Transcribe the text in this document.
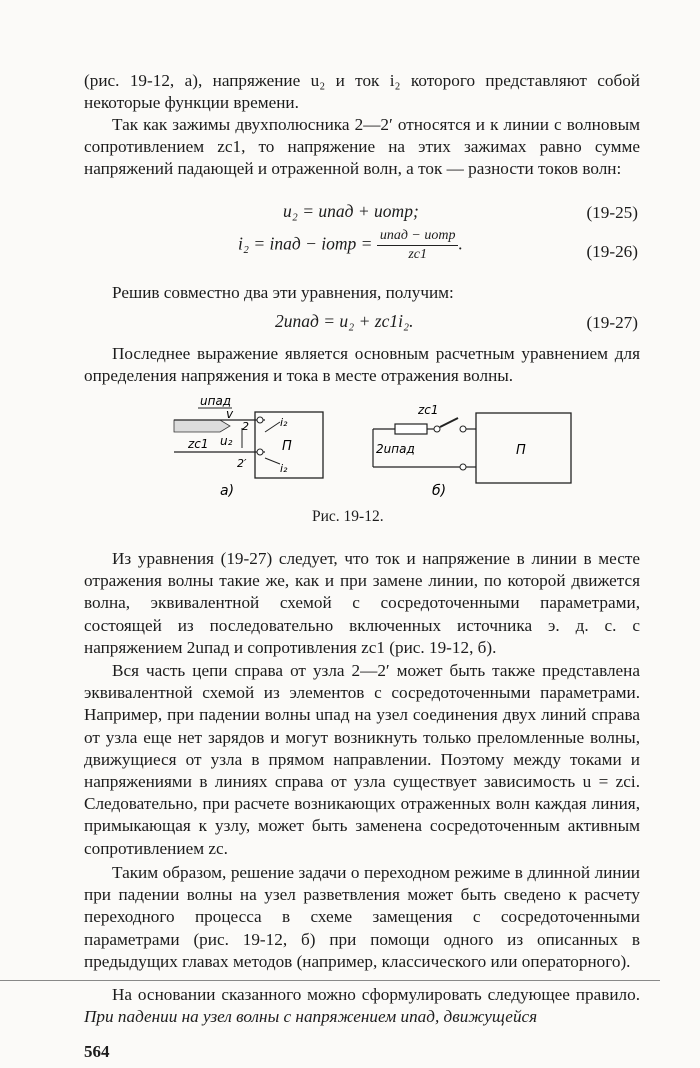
(рис. 19-12, a), напряжение u₂ и ток i₂ которого представляют собой некоторые функции времени.

Так как зажимы двухполюсника 2—2′ относятся и к линии с волновым сопротивлением zc1, то напряжение на этих зажимах равно сумме напряжений падающей и отраженной волн, а ток — разности токов волн:

u₂ = uпад + uотр;	(19-25)
i₂ = iпад − iотр = $\frac{\text{uпад − uотр}}{zc1}$ .	(19-26)

Решив совместно два эти уравнения, получим:

2uпад = u₂ + zc1i₂.	(19-27)

Последнее выражение является основным расчетным уравнением для определения напряжения и тока в месте отражения волны.

uпад
v
zc1
2
2′
u₂	П
i₂
i₂
a)
zc1
2uпад
б)
П
Рис. 19-12.

Из уравнения (19-27) следует, что ток и напряжение в линии в месте отражения волны такие же, как и при замене линии, по которой движется волна, эквивалентной схемой с сосредоточенными параметрами, состоящей из последовательно включенных источника э. д. с. с напряжением 2uпад и сопротивления zc1 (рис. 19-12, б).

Вся часть цепи справа от узла 2—2′ может быть также представлена эквивалентной схемой из элементов с сосредоточенными параметрами. Например, при падении волны uпад на узел соединения двух линий справа от узла еще нет зарядов и могут возникнуть только преломленные волны, движущиеся от узла в прямом направлении. Поэтому между токами и напряжениями в линиях справа от узла существует зависимость u = zci. Следовательно, при расчете возникающих отраженных волн каждая линия, примыкающая к узлу, может быть заменена сосредоточенным активным сопротивлением zc.

Таким образом, решение задачи о переходном режиме в длинной линии при падении волны на узел разветвления может быть сведено к расчету переходного процесса в схеме замещения с сосредоточенными параметрами (рис. 19-12, б) при помощи одного из описанных в предыдущих главах методов (например, классического или операторного).

На основании сказанного можно сформулировать следующее правило. При падении на узел волны с напряжением uпад, движущейся

564
